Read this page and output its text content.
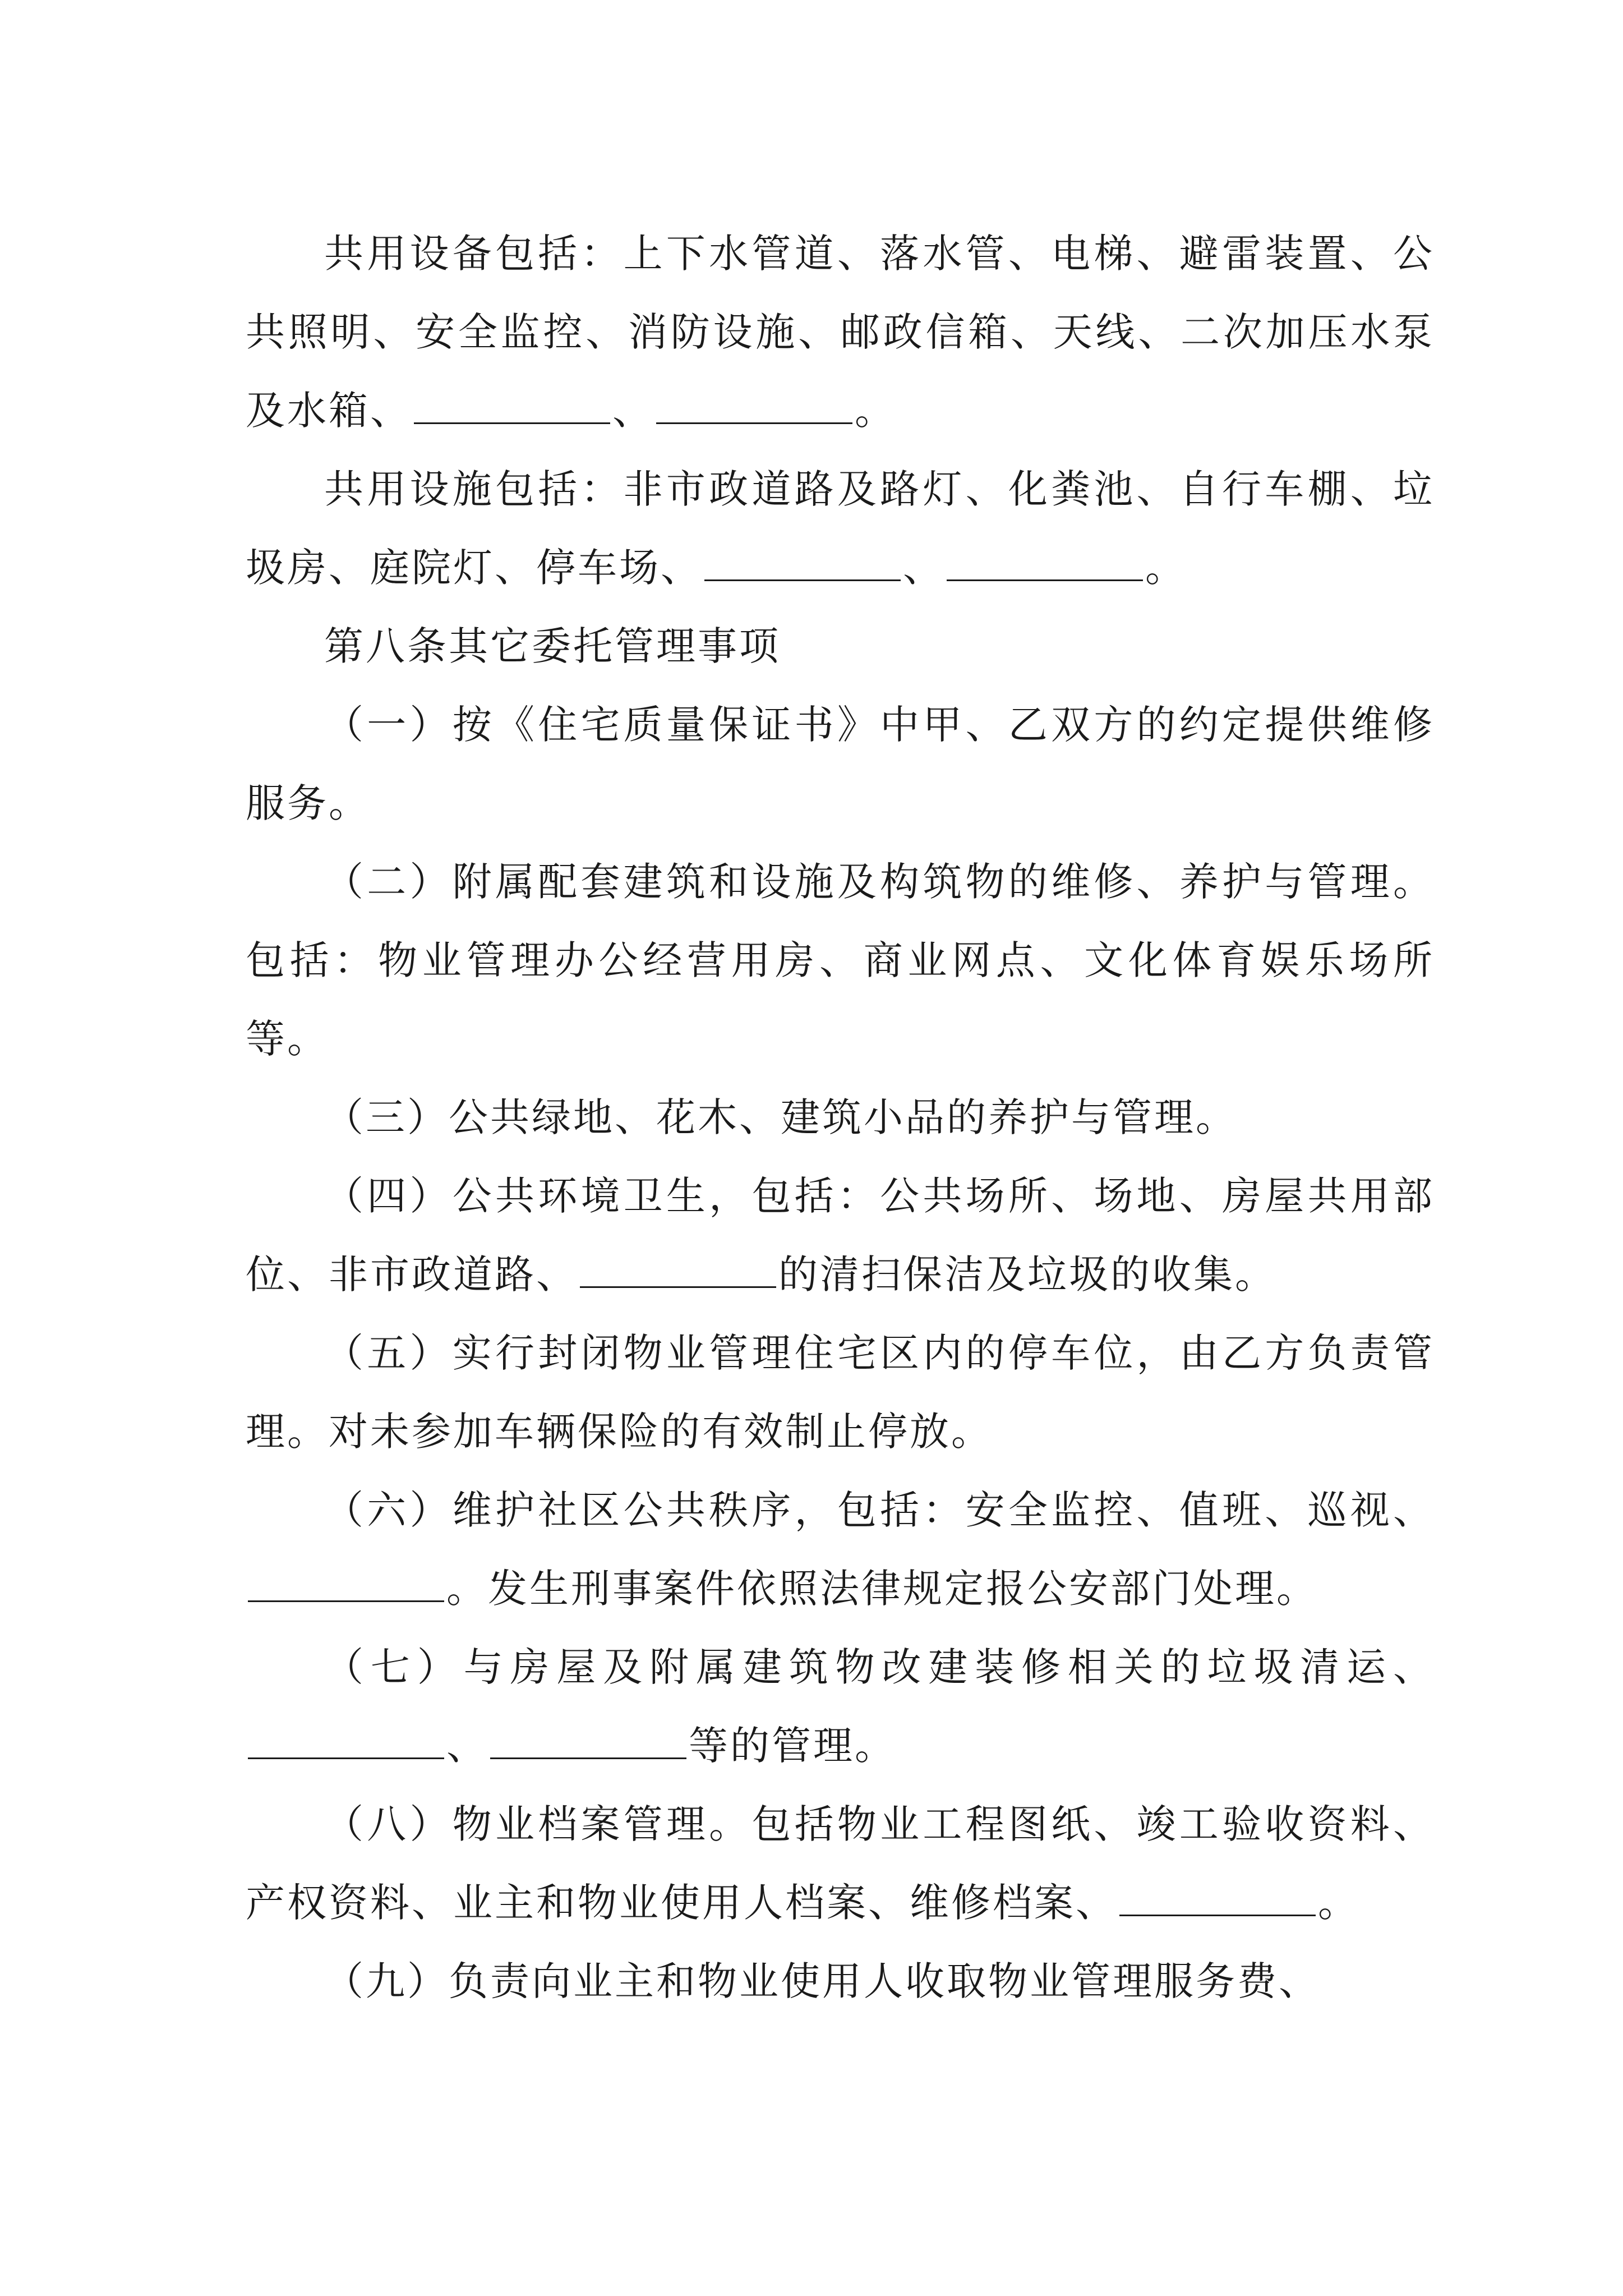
共用设备包括：上下水管道、落水管、电梯、避雷装置、公共照明、安全监控、消防设施、邮政信箱、天线、二次加压水泵及水箱、	、	。

共用设施包括：非市政道路及路灯、化粪池、自行车棚、垃圾房、庭院灯、停车场、	、	。

第八条其它委托管理事项

（一）按《住宅质量保证书》中甲、乙双方的约定提供维修服务。

（二）附属配套建筑和设施及构筑物的维修、养护与管理。包括：物业管理办公经营用房、商业网点、文化体育娱乐场所等。

（三）公共绿地、花木、建筑小品的养护与管理。

（四）公共环境卫生，包括：公共场所、场地、房屋共用部位、非市政道路、	的清扫保洁及垃圾的收集。

（五）实行封闭物业管理住宅区内的停车位，由乙方负责管理。对未参加车辆保险的有效制止停放。

（六）维护社区公共秩序，包括：安全监控、值班、巡视、。发生刑事案件依照法律规定报公安部门处理。

（七）与房屋及附属建筑物改建装修相关的垃圾清运、、	等的管理。

（八）物业档案管理。包括物业工程图纸、竣工验收资料、产权资料、业主和物业使用人档案、维修档案、	。

（九）负责向业主和物业使用人收取物业管理服务费、
